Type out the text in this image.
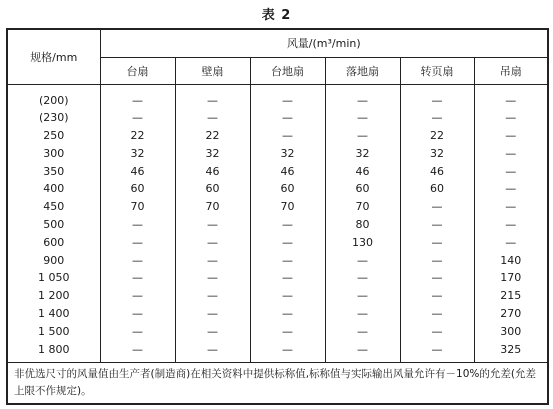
表 2
规格/mm	风量/(m³/min)					
	台扇	壁扇	台地扇	落地扇	转页扇	吊扇
(200)	—	—	—	—	—	—
(230)	—	—	—	—	—	—
250	22	22	—	—	22	—
300	32	32	32	32	32	—
350	46	46	46	46	46	—
400	60	60	60	60	60	—
450	70	70	70	70	—	—
500	—	—	—	80	—	—
600	—	—	—	130	—	—
900	—	—	—	—	—	140
1 050	—	—	—	—	—	170
1 200	—	—	—	—	—	215
1 400	—	—	—	—	—	270
1 500	—	—	—	—	—	300
1 800	—	—	—	—	—	325
非优选尺寸的风量值由生产者(制造商)在相关资料中提供标称值,标称值与实际输出风量允许有－10%的允差(允差上限不作规定)。						
